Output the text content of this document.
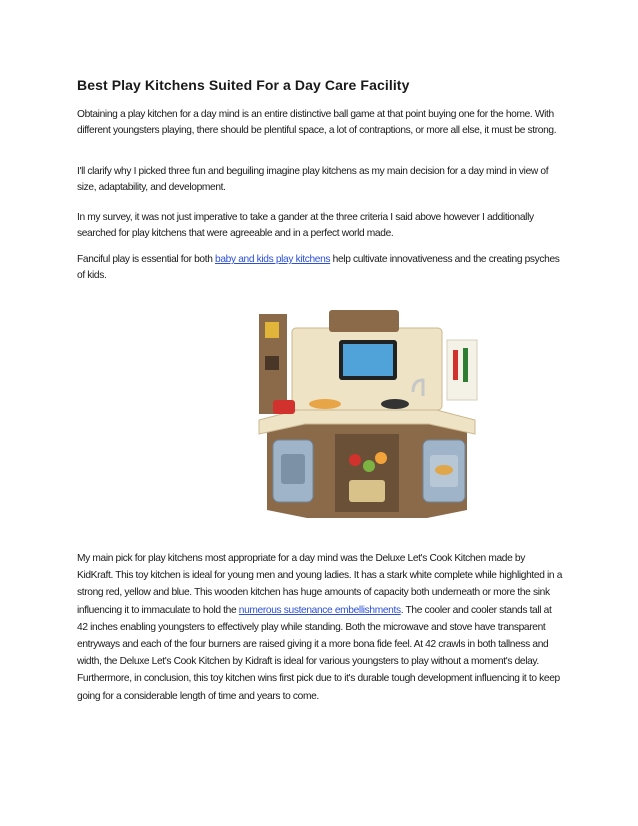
Best Play Kitchens Suited For a Day Care Facility

Obtaining a play kitchen for a day mind is an entire distinctive ball game at that point buying one for the home. With different youngsters playing, there should be plentiful space, a lot of contraptions, or more all else, it must be strong.

I'll clarify why I picked three fun and beguiling imagine play kitchens as my main decision for a day mind in view of size, adaptability, and development.

In my survey, it was not just imperative to take a gander at the three criteria I said above however I additionally searched for play kitchens that were agreeable and in a perfect world made.

Fanciful play is essential for both baby and kids play kitchens help cultivate innovativeness and the creating psyches of kids.

My main pick for play kitchens most appropriate for a day mind was the Deluxe Let's Cook Kitchen made by KidKraft. This toy kitchen is ideal for young men and young ladies. It has a stark white complete while highlighted in a strong red, yellow and blue. This wooden kitchen has huge amounts of capacity both underneath or more the sink influencing it to immaculate to hold the numerous sustenance embellishments. The cooler and cooler stands tall at 42 inches enabling youngsters to effectively play while standing. Both the microwave and stove have transparent entryways and each of the four burners are raised giving it a more bona fide feel. At 42 crawls in both tallness and width, the Deluxe Let's Cook Kitchen by Kidraft is ideal for various youngsters to play without a moment's delay. Furthermore, in conclusion, this toy kitchen wins first pick due to it's durable tough development influencing it to keep going for a considerable length of time and years to come.
